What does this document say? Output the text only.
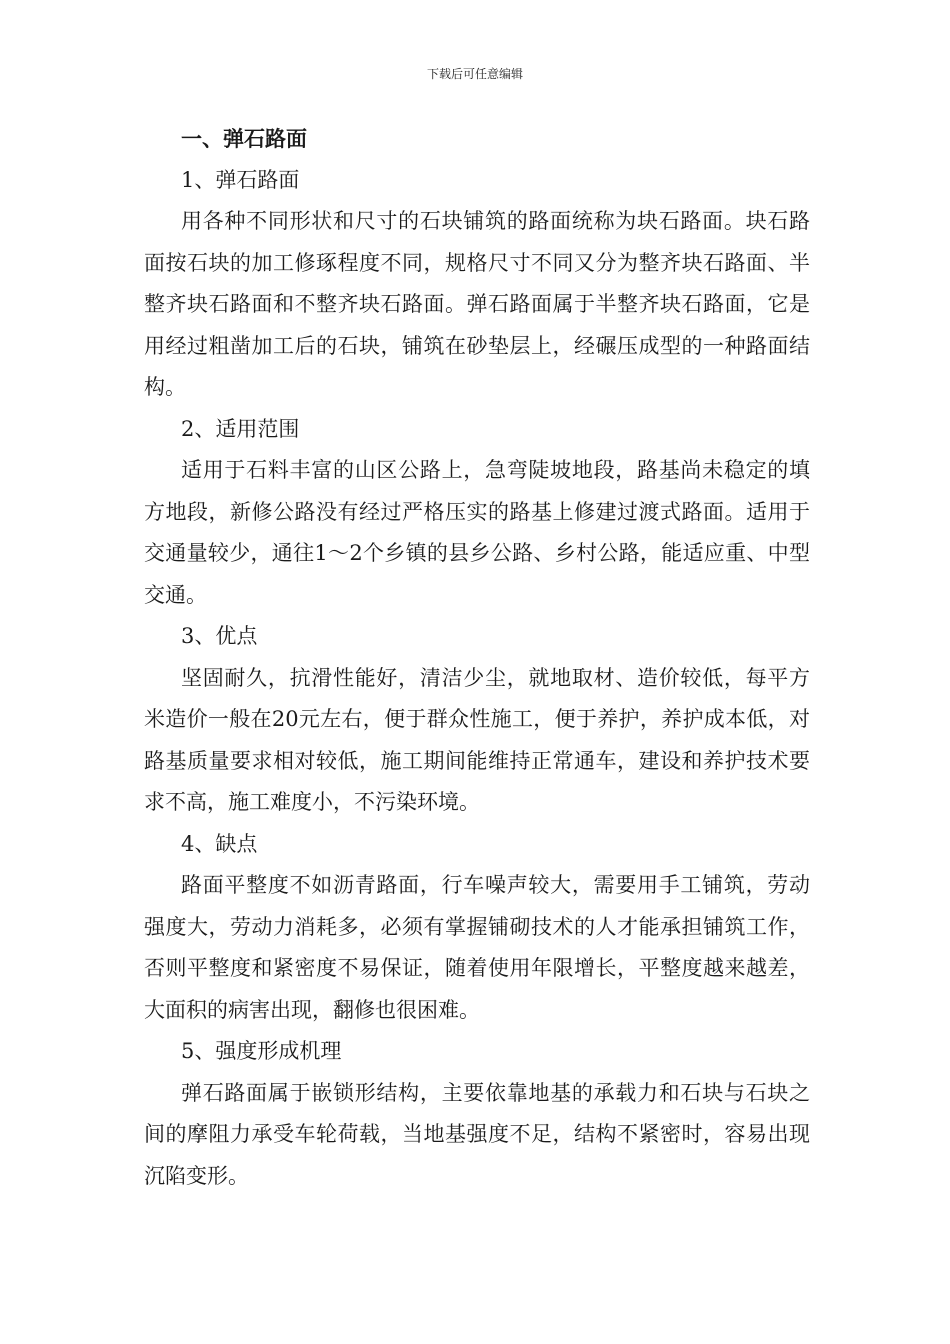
下载后可任意编辑

一、弹石路面

1、弹石路面

用各种不同形状和尺寸的石块铺筑的路面统称为块石路面。块石路面按石块的加工修琢程度不同，规格尺寸不同又分为整齐块石路面、半整齐块石路面和不整齐块石路面。弹石路面属于半整齐块石路面，它是用经过粗凿加工后的石块，铺筑在砂垫层上，经碾压成型的一种路面结构。

2、适用范围

适用于石料丰富的山区公路上，急弯陡坡地段，路基尚未稳定的填方地段，新修公路没有经过严格压实的路基上修建过渡式路面。适用于交通量较少，通往1～2个乡镇的县乡公路、乡村公路，能适应重、中型交通。

3、优点

坚固耐久，抗滑性能好，清洁少尘，就地取材、造价较低，每平方米造价一般在20元左右，便于群众性施工，便于养护，养护成本低，对路基质量要求相对较低，施工期间能维持正常通车，建设和养护技术要求不高，施工难度小，不污染环境。

4、缺点

路面平整度不如沥青路面，行车噪声较大，需要用手工铺筑，劳动强度大，劳动力消耗多，必须有掌握铺砌技术的人才能承担铺筑工作，否则平整度和紧密度不易保证，随着使用年限增长，平整度越来越差，大面积的病害出现，翻修也很困难。

5、强度形成机理

弹石路面属于嵌锁形结构，主要依靠地基的承载力和石块与石块之间的摩阻力承受车轮荷载，当地基强度不足，结构不紧密时，容易出现沉陷变形。
